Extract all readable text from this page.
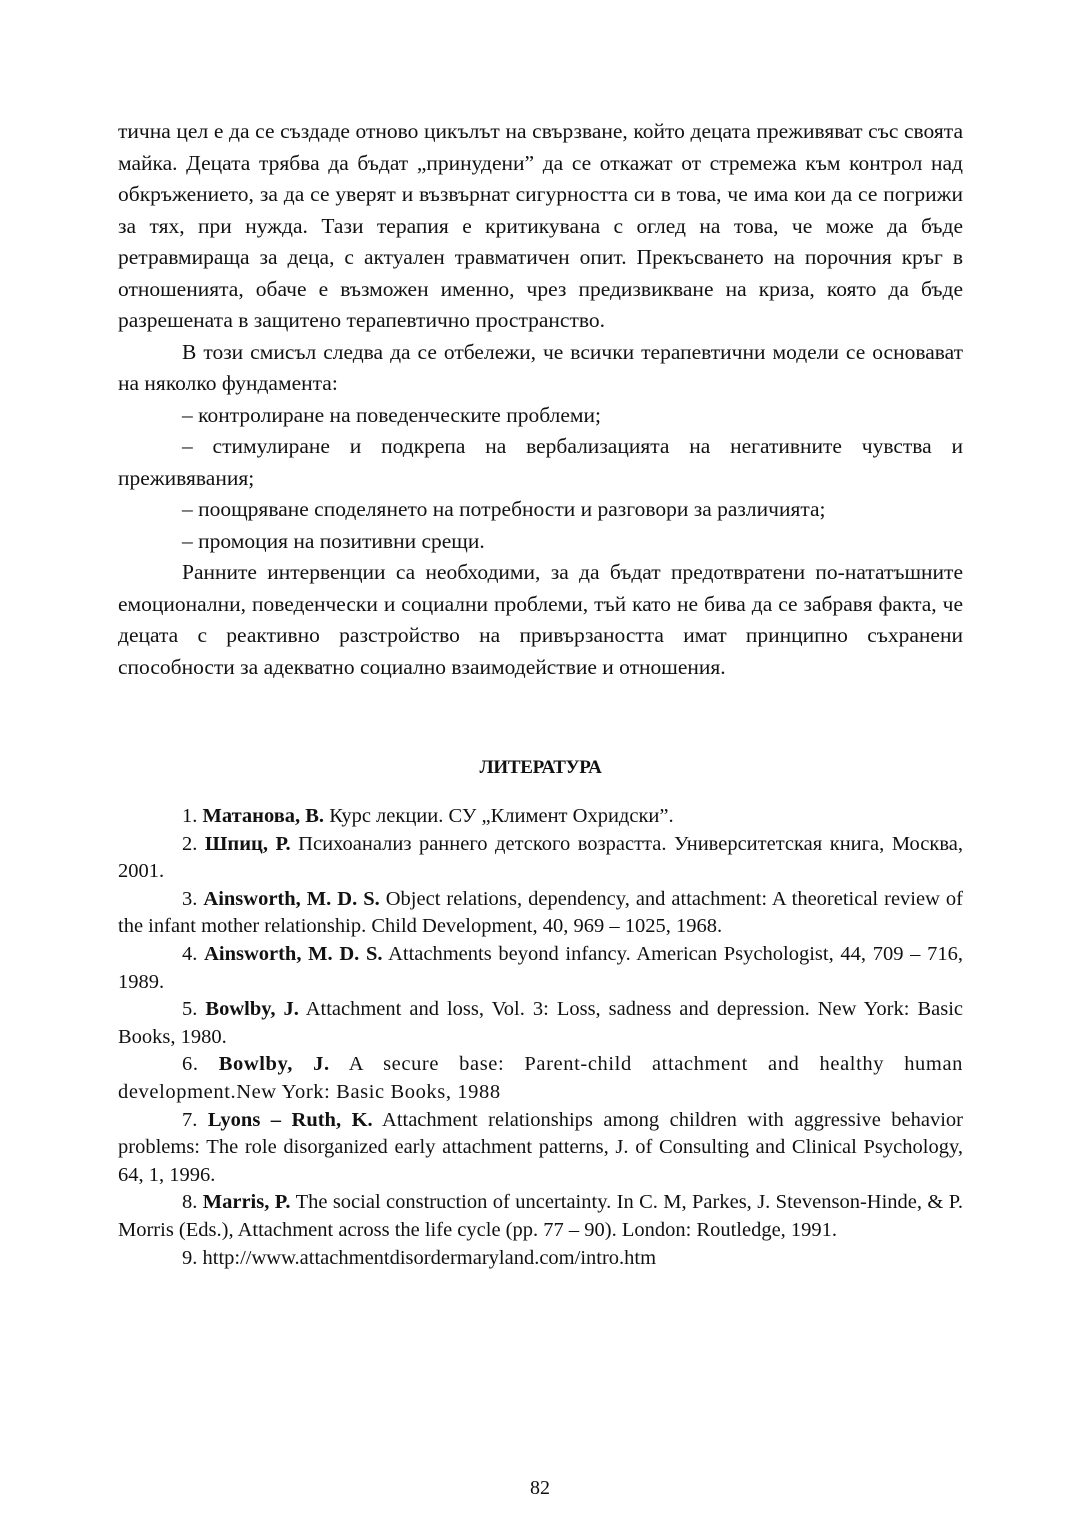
тична цел е да се създаде отново цикълът на свързване, който децата преживяват със своята майка. Децата трябва да бъдат „принудени” да се откажат от стремежа към контрол над обкръжението, за да се уверят и възвърнат сигурността си в това, че има кои да се погрижи за тях, при нужда. Тази терапия е критикувана с оглед на това, че може да бъде ретравмираща за деца, с актуален травматичен опит. Прекъсването на порочния кръг в отношенията, обаче е възможен именно, чрез предизвикване на криза, която да бъде разрешената в защитено терапевтично пространство.

В този смисъл следва да се отбележи, че всички терапевтични модели се основават на няколко фундамента:

– контролиране на поведенческите проблеми;

– стимулиране и подкрепа на вербализацията на негативните чувства и преживявания;

– поощряване споделянето на потребности и разговори за различията;

– промоция на позитивни срещи.

Ранните интервенции са необходими, за да бъдат предотвратени по-нататъшните емоционални, поведенчески и социални проблеми, тъй като не бива да се забравя факта, че децата с реактивно разстройство на привързаността имат принципно съхранени способности за адекватно социално взаимодействие и отношения.

ЛИТЕРАТУРА

1. Матанова, В. Курс лекции. СУ „Климент Охридски”.

2. Шпиц, Р. Психоанализ раннего детского возрастта. Университетская книга, Москва, 2001.

3. Ainsworth, M. D. S. Object relations, dependency, and attachment: A theoretical review of the infant mother relationship. Child Development, 40, 969 – 1025, 1968.

4. Ainsworth, M. D. S. Attachments beyond infancy. American Psychologist, 44, 709 – 716, 1989.

5. Bowlby, J. Attachment and loss, Vol. 3: Loss, sadness and depression. New York: Basic Books, 1980.

6. Bowlby, J. A secure base: Parent-child attachment and healthy human development.New York: Basic Books, 1988

7. Lyons – Ruth, K. Attachment relationships among children with aggressive behavior problems: The role disorganized early attachment patterns, J. of Consulting and Clinical Psychology, 64, 1, 1996.

8. Marris, P. The social construction of uncertainty. In C. M, Parkes, J. Stevenson-Hinde, & P. Morris (Eds.), Attachment across the life cycle (pp. 77 – 90). London: Routledge, 1991.

9. http://www.attachmentdisordermaryland.com/intro.htm

82
